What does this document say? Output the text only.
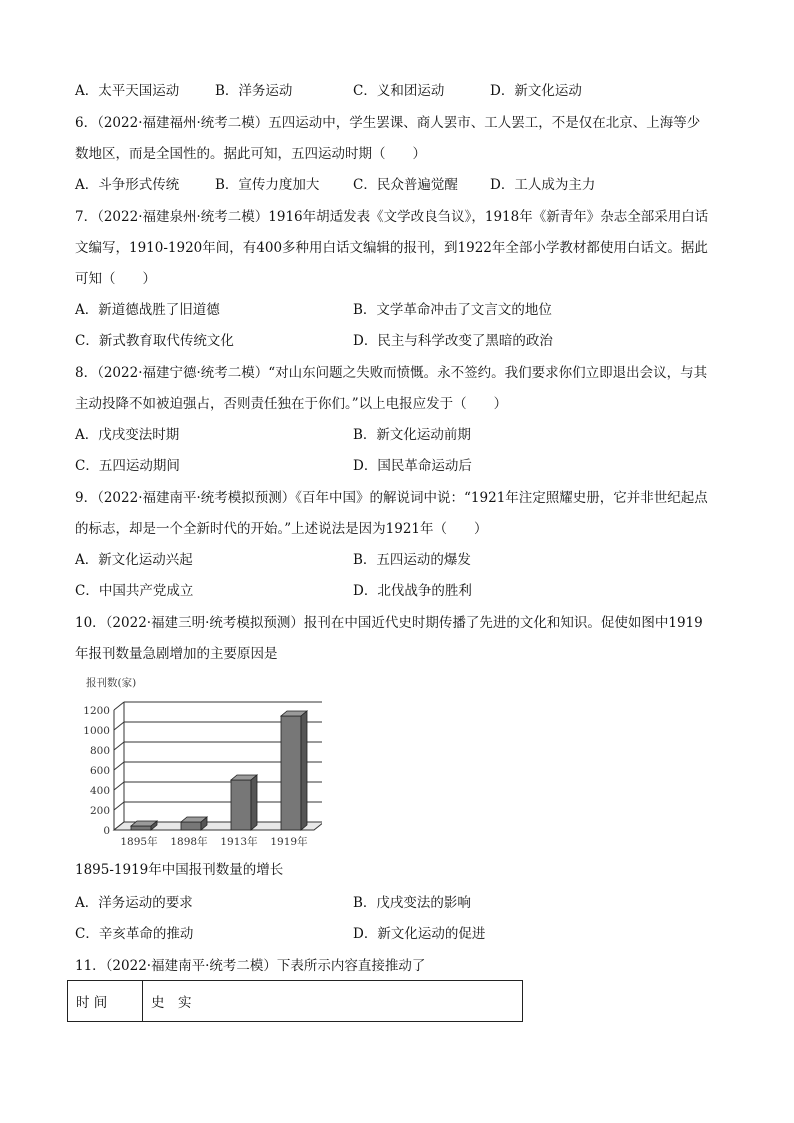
A．太平天国运动	B．洋务运动	C．义和团运动	D．新文化运动
6．（2022·福建福州·统考二模）五四运动中，学生罢课、商人罢市、工人罢工，不是仅在北京、上海等少
数地区，而是全国性的。据此可知，五四运动时期（　　）
A．斗争形式传统	B．宣传力度加大 C．民众普遍觉醒 D．工人成为主力
7．（2022·福建泉州·统考二模）1916年胡适发表《文学改良刍议》，1918年《新青年》杂志全部采用白话
文编写，1910-1920年间，有400多种用白话文编辑的报刊，到1922年全部小学教材都使用白话文。据此
可知（　　）
A．新道德战胜了旧道德	B．文学革命冲击了文言文的地位
C．新式教育取代传统文化	D．民主与科学改变了黑暗的政治
8．（2022·福建宁德·统考二模）“对山东问题之失败而愤慨。永不签约。我们要求你们立即退出会议，与其
主动投降不如被迫强占，否则责任独在于你们。”以上电报应发于（　　）
A．戊戌变法时期	B．新文化运动前期
C．五四运动期间	D．国民革命运动后
9．（2022·福建南平·统考模拟预测）《百年中国》的解说词中说：“1921年注定照耀史册，它并非世纪起点
的标志，却是一个全新时代的开始。”上述说法是因为1921年（　　）
A．新文化运动兴起	B．五四运动的爆发
C．中国共产党成立	D．北伐战争的胜利
10．（2022·福建三明·统考模拟预测）报刊在中国近代史时期传播了先进的文化和知识。促使如图中1919
年报刊数量急剧增加的主要原因是
报刊数(家)
0
200
400
600
800
1000
1200
1895年 1898年 1913年 1919年
1895-1919年中国报刊数量的增长
A．洋务运动的要求	B．戊戌变法的影响
C．辛亥革命的推动	D．新文化运动的促进
11．（2022·福建南平·统考二模）下表所示内容直接推动了
时 间	史　实
